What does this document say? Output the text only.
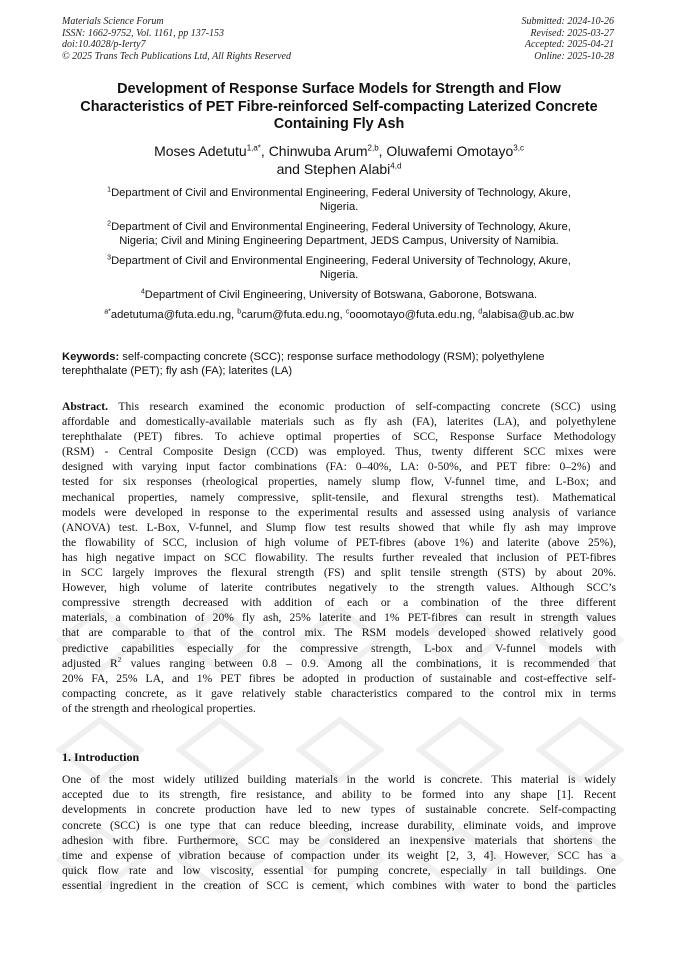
Materials Science Forum
ISSN: 1662-9752, Vol. 1161, pp 137-153
doi:10.4028/p-Ierty7
© 2025 Trans Tech Publications Ltd, All Rights Reserved
Submitted: 2024-10-26
Revised: 2025-03-27
Accepted: 2025-04-21
Online: 2025-10-28
Development of Response Surface Models for Strength and Flow
Characteristics of PET Fibre-reinforced Self-compacting Laterized Concrete
Containing Fly Ash
Moses Adetutu$^{1,a*}$, Chinwuba Arum$^{2,b}$, Oluwafemi Omotayo$^{3,c}$
and Stephen Alabi$^{4,d}$
$^1$Department of Civil and Environmental Engineering, Federal University of Technology, Akure,
Nigeria.
$^2$Department of Civil and Environmental Engineering, Federal University of Technology, Akure,
Nigeria; Civil and Mining Engineering Department, JEDS Campus, University of Namibia.
$^3$Department of Civil and Environmental Engineering, Federal University of Technology, Akure,
Nigeria.
$^4$Department of Civil Engineering, University of Botswana, Gaborone, Botswana.
$^{a*}$adetutuma@futa.edu.ng, $^b$carum@futa.edu.ng, $^c$ooomotayo@futa.edu.ng, $^d$alabisa@ub.ac.bw
Keywords: self-compacting concrete (SCC); response surface methodology (RSM); polyethylene
terephthalate (PET); fly ash (FA); laterites (LA)
Abstract. This research examined the economic production of self-compacting concrete (SCC) using
affordable and domestically-available materials such as fly ash (FA), laterites (LA), and polyethylene
terephthalate (PET) fibres. To achieve optimal properties of SCC, Response Surface Methodology
(RSM) - Central Composite Design (CCD) was employed. Thus, twenty different SCC mixes were
designed with varying input factor combinations (FA: 0–40%, LA: 0-50%, and PET fibre: 0–2%) and
tested for six responses (rheological properties, namely slump flow, V-funnel time, and L-Box; and
mechanical properties, namely compressive, split-tensile, and flexural strengths test). Mathematical
models were developed in response to the experimental results and assessed using analysis of variance
(ANOVA) test. L-Box, V-funnel, and Slump flow test results showed that while fly ash may improve
the flowability of SCC, inclusion of high volume of PET-fibres (above 1%) and laterite (above 25%),
has high negative impact on SCC flowability. The results further revealed that inclusion of PET-fibres
in SCC largely improves the flexural strength (FS) and split tensile strength (STS) by about 20%.
However, high volume of laterite contributes negatively to the strength values. Although SCC’s
compressive strength decreased with addition of each or a combination of the three different
materials, a combination of 20% fly ash, 25% laterite and 1% PET-fibres can result in strength values
that are comparable to that of the control mix. The RSM models developed showed relatively good
predictive capabilities especially for the compressive strength, L-box and V-funnel models with
adjusted $R^2$ values ranging between 0.8 – 0.9. Among all the combinations, it is recommended that
20% FA, 25% LA, and 1% PET fibres be adopted in production of sustainable and cost-effective self-
compacting concrete, as it gave relatively stable characteristics compared to the control mix in terms
of the strength and rheological properties.
1. Introduction
One of the most widely utilized building materials in the world is concrete. This material is widely
accepted due to its strength, fire resistance, and ability to be formed into any shape [1]. Recent
developments in concrete production have led to new types of sustainable concrete. Self-compacting
concrete (SCC) is one type that can reduce bleeding, increase durability, eliminate voids, and improve
adhesion with fibre. Furthermore, SCC may be considered an inexpensive materials that shortens the
time and expense of vibration because of compaction under its weight [2, 3, 4]. However, SCC has a
quick flow rate and low viscosity, essential for pumping concrete, especially in tall buildings. One
essential ingredient in the creation of SCC is cement, which combines with water to bond the particles
